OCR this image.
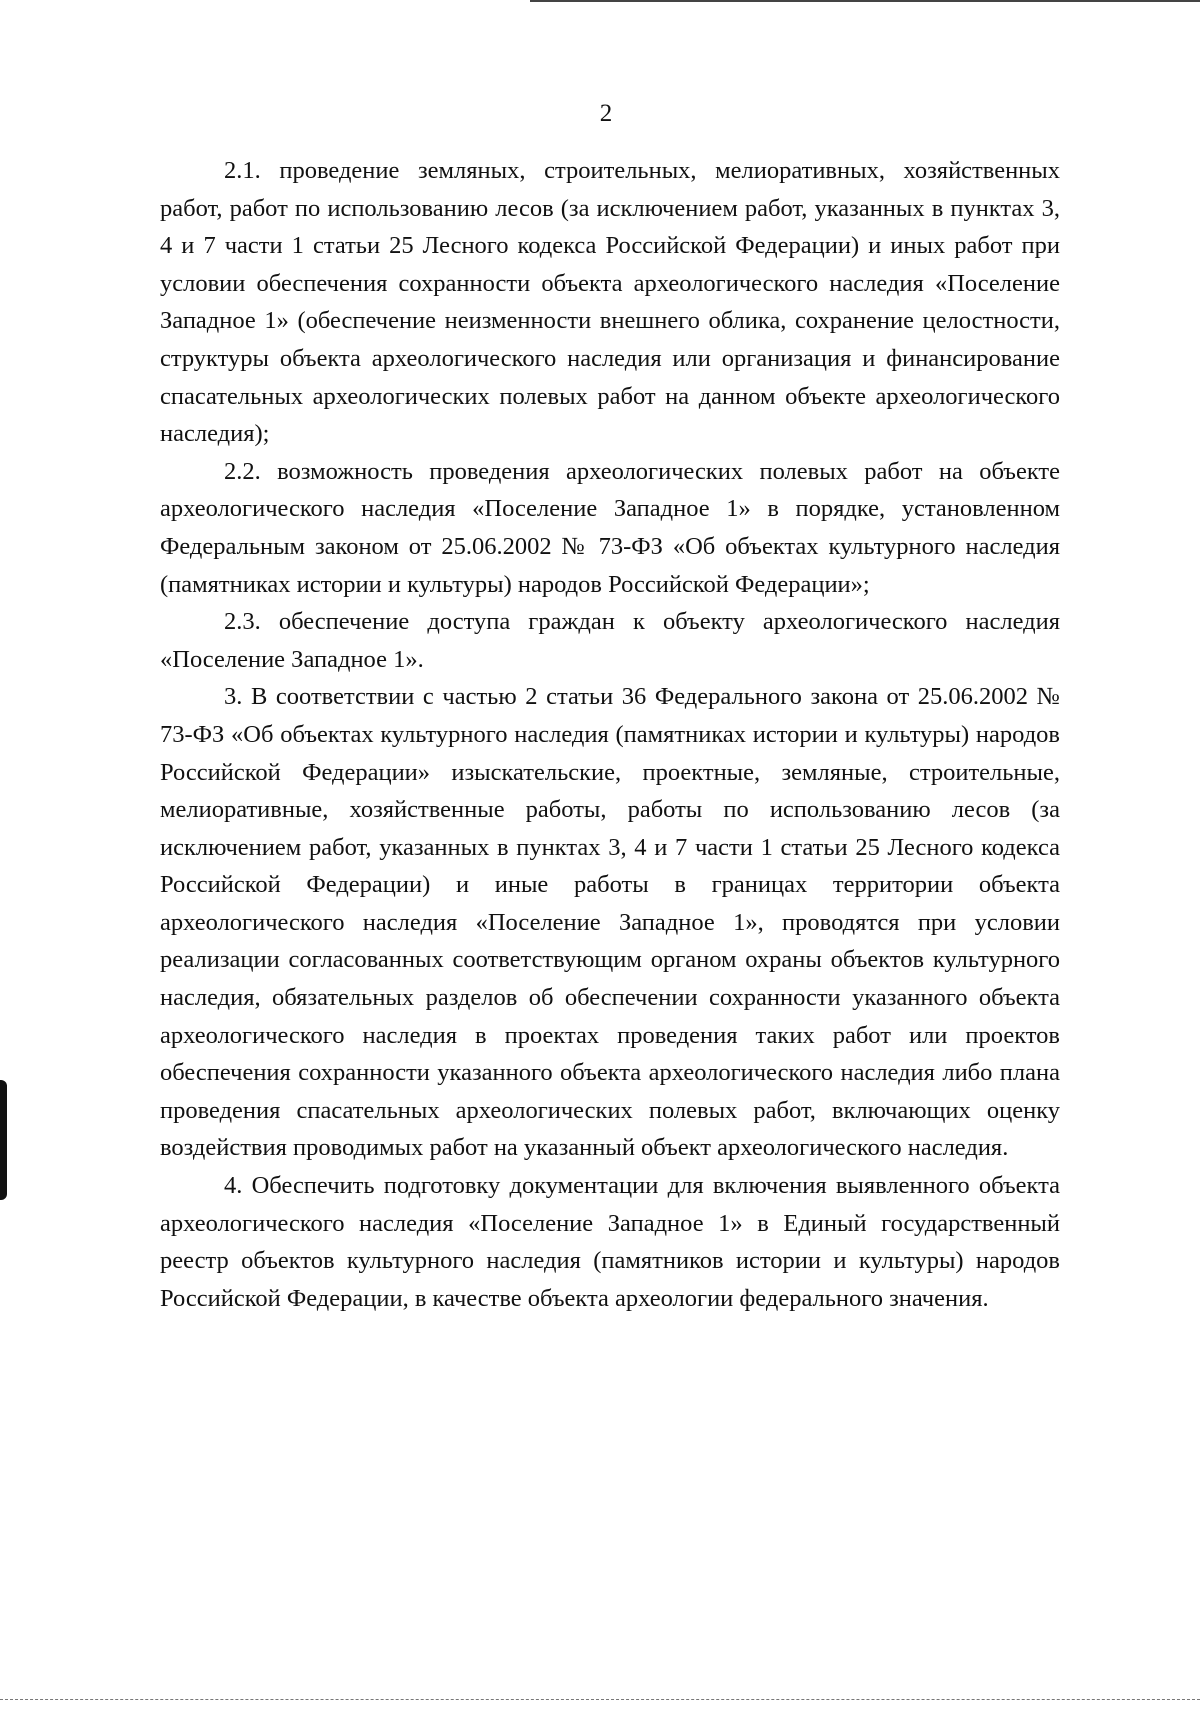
2

2.1. проведение земляных, строительных, мелиоративных, хозяйственных работ, работ по использованию лесов (за исключением работ, указанных в пунктах 3, 4 и 7 части 1 статьи 25 Лесного кодекса Российской Федерации) и иных работ при условии обеспечения сохранности объекта археологического наследия «Поселение Западное 1» (обеспечение неизменности внешнего облика, сохранение целостности, структуры объекта археологического наследия или организация и финансирование спасательных археологических полевых работ на данном объекте археологического наследия);

2.2. возможность проведения археологических полевых работ на объекте археологического наследия «Поселение Западное 1» в порядке, установленном Федеральным законом от 25.06.2002 № 73-ФЗ «Об объектах культурного наследия (памятниках истории и культуры) народов Российской Федерации»;

2.3. обеспечение доступа граждан к объекту археологического наследия «Поселение Западное 1».

3. В соответствии с частью 2 статьи 36 Федерального закона от 25.06.2002 № 73-ФЗ «Об объектах культурного наследия (памятниках истории и культуры) народов Российской Федерации» изыскательские, проектные, земляные, строительные, мелиоративные, хозяйственные работы, работы по использованию лесов (за исключением работ, указанных в пунктах 3, 4 и 7 части 1 статьи 25 Лесного кодекса Российской Федерации) и иные работы в границах территории объекта археологического наследия «Поселение Западное 1», проводятся при условии реализации согласованных соответствующим органом охраны объектов культурного наследия, обязательных разделов об обеспечении сохранности указанного объекта археологического наследия в проектах проведения таких работ или проектов обеспечения сохранности указанного объекта археологического наследия либо плана проведения спасательных археологических полевых работ, включающих оценку воздействия проводимых работ на указанный объект археологического наследия.

4. Обеспечить подготовку документации для включения выявленного объекта археологического наследия «Поселение Западное 1» в Единый государственный реестр объектов культурного наследия (памятников истории и культуры) народов Российской Федерации, в качестве объекта археологии федерального значения.
